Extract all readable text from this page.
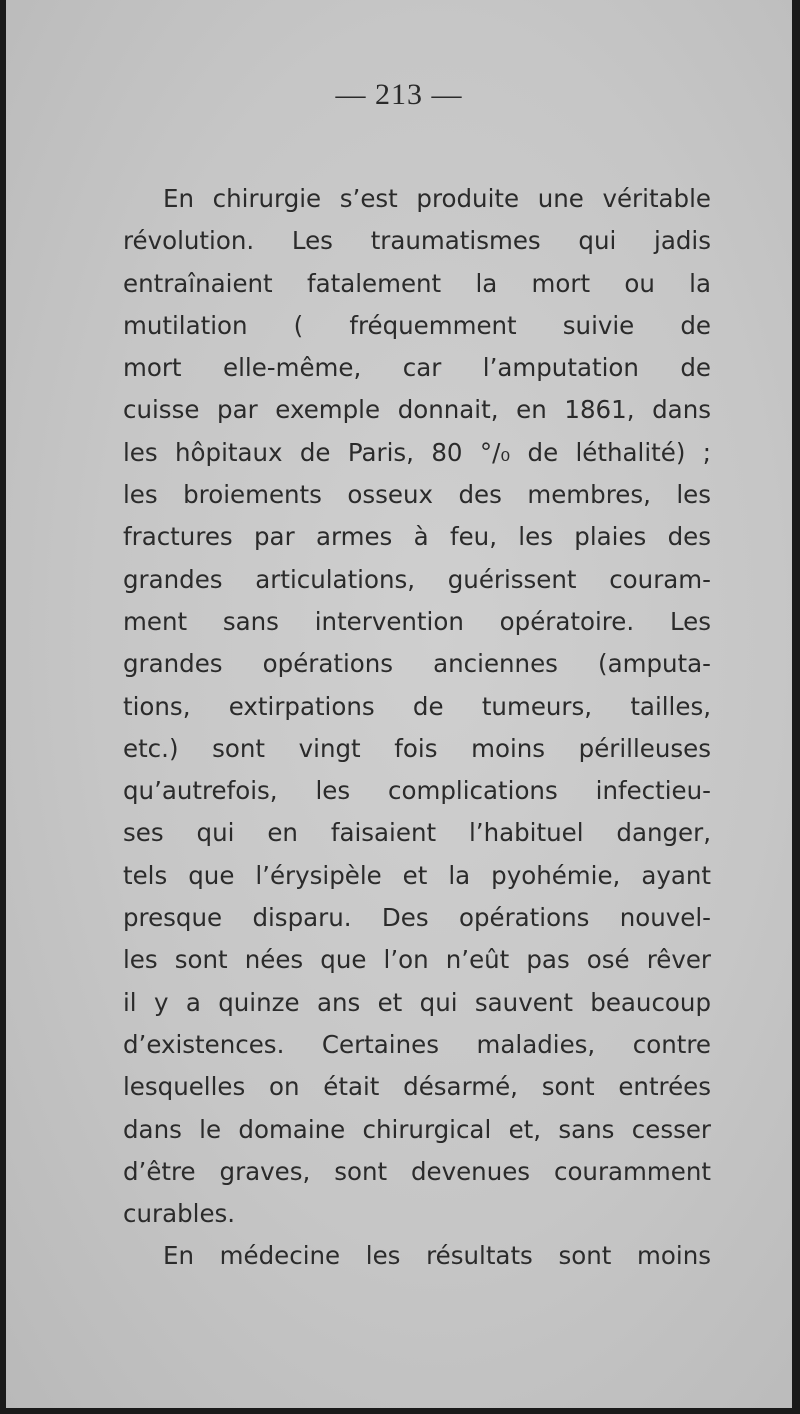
— 213 —
En chirurgie s’est produite une véritable
révolution. Les traumatismes qui jadis
entraînaient fatalement la mort ou la
mutilation ( fréquemment suivie de
mort elle-même, car l’amputation de
cuisse par exemple donnait, en 1861, dans
les hôpitaux de Paris, 80 °/₀ de léthalité) ;
les broiements osseux des membres, les
fractures par armes à feu, les plaies des
grandes articulations, guérissent couram-
ment sans intervention opératoire. Les
grandes opérations anciennes (amputa-
tions, extirpations de tumeurs, tailles,
etc.) sont vingt fois moins périlleuses
qu’autrefois, les complications infectieu-
ses qui en faisaient l’habituel danger,
tels que l’érysipèle et la pyohémie, ayant
presque disparu. Des opérations nouvel-
les sont nées que l’on n’eût pas osé rêver
il y a quinze ans et qui sauvent beaucoup
d’existences. Certaines maladies, contre
lesquelles on était désarmé, sont entrées
dans le domaine chirurgical et, sans cesser
d’être graves, sont devenues couramment
curables.
En médecine les résultats sont moins
